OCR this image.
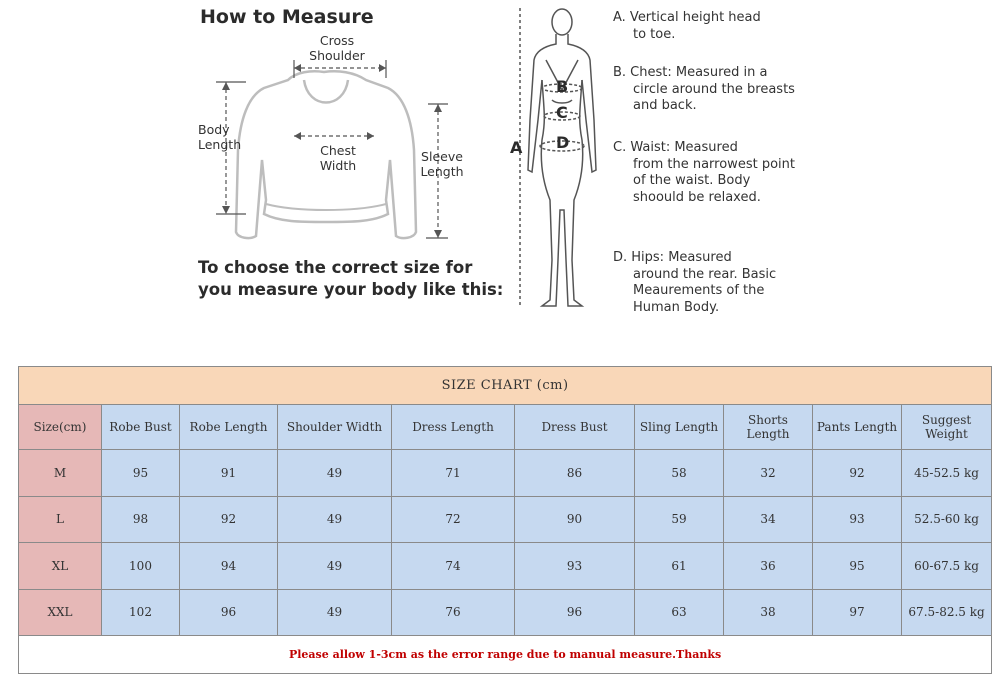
How to Measure
Cross
Shoulder
Body
Length	Chest
Width
Sleeve
Length
To choose the correct size for
you measure your body like this:
A
B
C
D
A. Vertical height head
to toe.
B. Chest: Measured in a
circle around the breasts and back.
C. Waist: Measured
from the narrowest point of the waist. Body shoould be relaxed.
D. Hips: Measured
around the rear. Basic Meaurements of the Human Body.
SIZE CHART (cm)									
Size(cm)	Robe Bust	Robe Length	Shoulder Width	Dress Length	Dress Bust	Sling Length	Shorts Length	Pants Length	Suggest Weight
M	95	91	49	71	86	58	32	92	45-52.5 kg
L	98	92	49	72	90	59	34	93	52.5-60 kg
XL	100	94	49	74	93	61	36	95	60-67.5 kg
XXL	102	96	49	76	96	63	38	97	67.5-82.5 kg
Please allow 1-3cm as the error range due to manual measure.Thanks									
